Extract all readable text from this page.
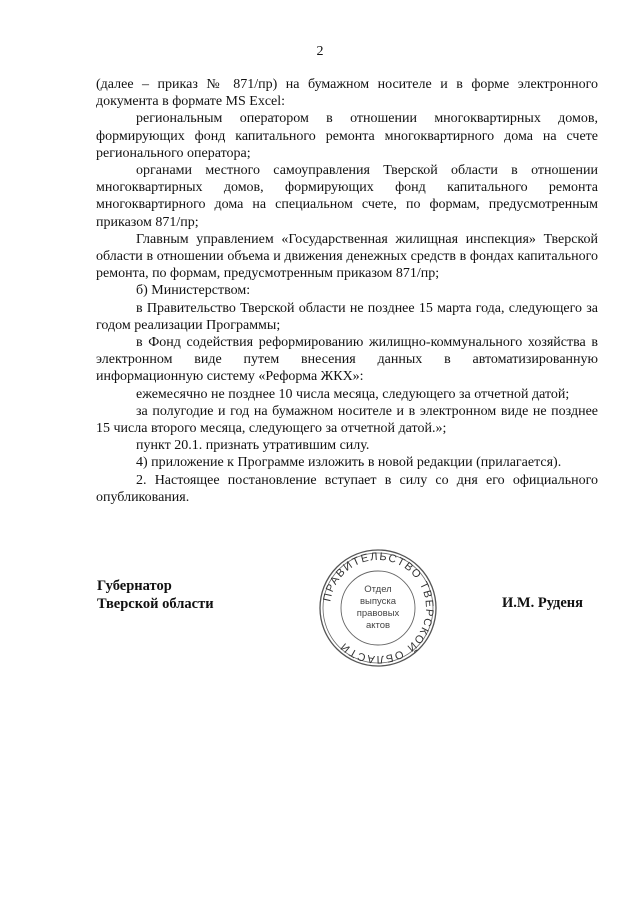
2

(далее – приказ № 871/пр) на бумажном носителе и в форме электронного документа в формате MS Excel:

региональным оператором в отношении многоквартирных домов, формирующих фонд капитального ремонта многоквартирного дома на счете регионального оператора;

органами местного самоуправления Тверской области в отношении многоквартирных домов, формирующих фонд капитального ремонта многоквартирного дома на специальном счете, по формам, предусмотренным приказом 871/пр;

Главным управлением «Государственная жилищная инспекция» Тверской области в отношении объема и движения денежных средств в фондах капитального ремонта, по формам, предусмотренным приказом 871/пр;

б) Министерством:

в Правительство Тверской области не позднее 15 марта года, следующего за годом реализации Программы;

в Фонд содействия реформированию жилищно-коммунального хозяйства в электронном виде путем внесения данных в автоматизированную информационную систему «Реформа ЖКХ»:

ежемесячно не позднее 10 числа месяца, следующего за отчетной датой;

за полугодие и год на бумажном носителе и в электронном виде не позднее 15 числа второго месяца, следующего за отчетной датой.»;

пункт 20.1. признать утратившим силу.

4) приложение к Программе изложить в новой редакции (прилагается).

2. Настоящее постановление вступает в силу со дня его официального опубликования.

Губернатор
Тверской области	ПРАВИТЕЛЬСТВО ТВЕРСКОЙ ОБЛАСТИ
Отдел
выпуска
правовых
актов
И.М. Руденя
